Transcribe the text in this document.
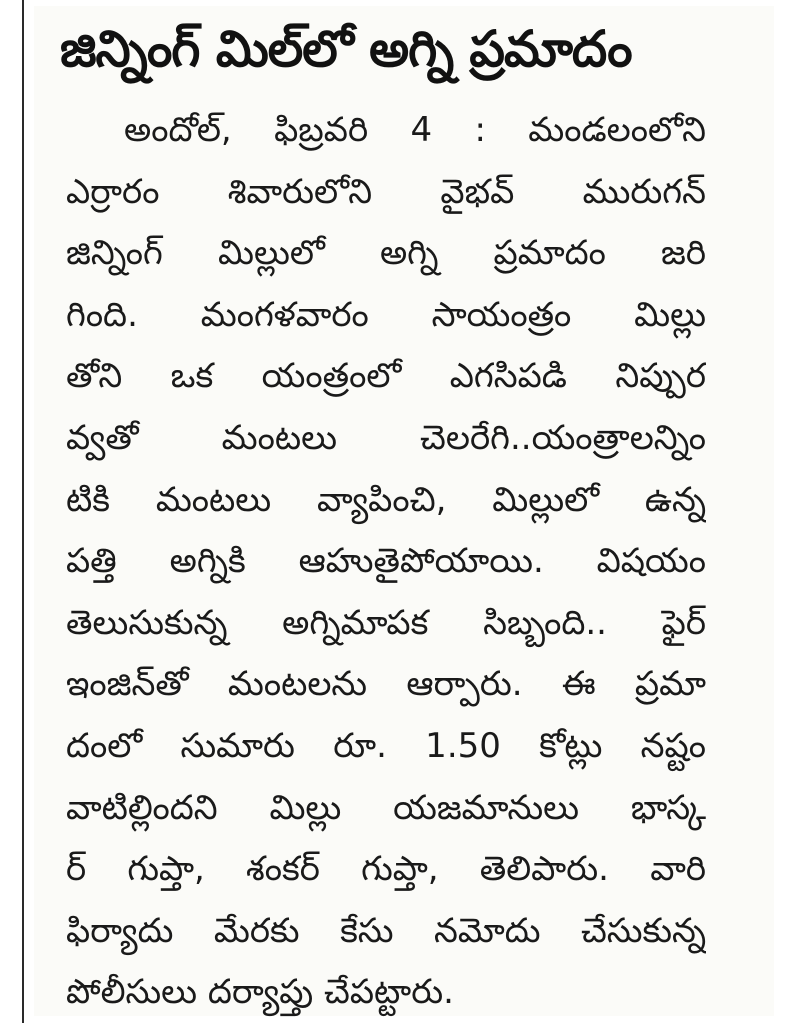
జిన్నింగ్ మిల్‌లో అగ్ని ప్రమాదం
అందోల్, ఫిబ్రవరి 4 : మండలంలోని
ఎర్రారం శివారులోని వైభవ్ మురుగన్
జిన్నింగ్ మిల్లులో అగ్ని ప్రమాదం జరి
గింది. మంగళవారం సాయంత్రం మిల్లు
తోని ఒక యంత్రంలో ఎగసిపడి నిప్పుర
వ్వతో మంటలు చెలరేగి..యంత్రాలన్నిం
టికి మంటలు వ్యాపించి, మిల్లులో ఉన్న
పత్తి అగ్నికి ఆహుతైపోయాయి. విషయం
తెలుసుకున్న అగ్నిమాపక సిబ్బంది.. ఫైర్
ఇంజిన్‌తో మంటలను ఆర్పారు. ఈ ప్రమా
దంలో సుమారు రూ. 1.50 కోట్లు నష్టం
వాటిల్లిందని మిల్లు యజమానులు భాస్క
ర్ గుప్తా, శంకర్ గుప్తా, తెలిపారు. వారి
ఫిర్యాదు మేరకు కేసు నమోదు చేసుకున్న
పోలీసులు దర్యాప్తు చేపట్టారు.
